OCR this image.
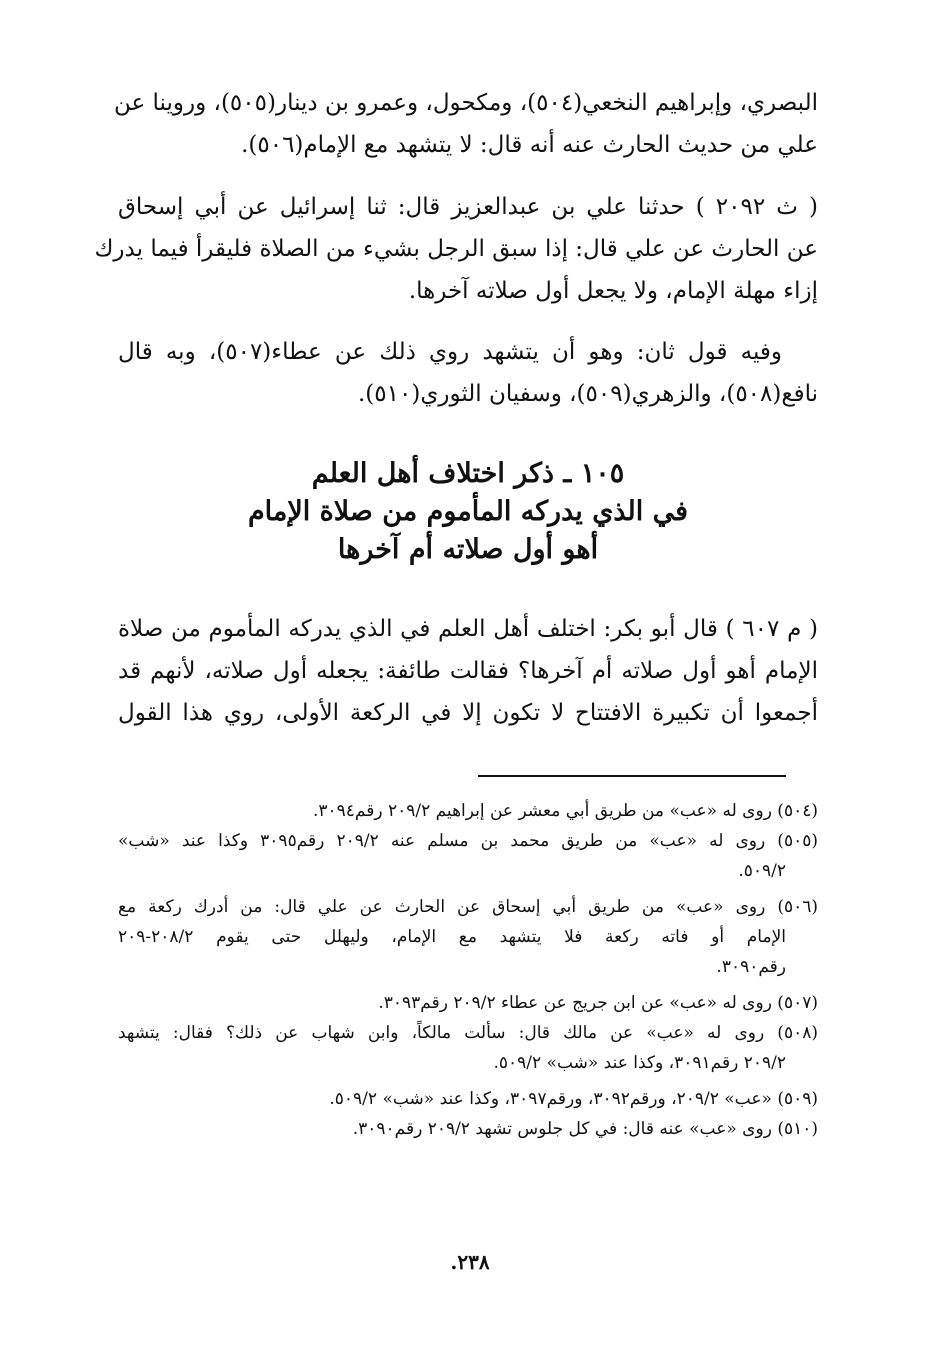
البصري، وإبراهيم النخعي(٥٠٤)، ومكحول، وعمرو بن دينار(٥٠٥)، وروينا عن
علي من حديث الحارث عنه أنه قال: لا يتشهد مع الإمام(٥٠٦).
( ث ٢٠٩٢ ) حدثنا علي بن عبدالعزيز قال: ثنا إسرائيل عن أبي إسحاق
عن الحارث عن علي قال: إذا سبق الرجل بشيء من الصلاة فليقرأ فيما يدرك
إزاء مهلة الإمام، ولا يجعل أول صلاته آخرها.
وفيه قول ثان: وهو أن يتشهد روي ذلك عن عطاء(٥٠٧)، وبه قال
نافع(٥٠٨)، والزهري(٥٠٩)، وسفيان الثوري(٥١٠).
١٠٥ ـ ذكر اختلاف أهل العلم
في الذي يدركه المأموم من صلاة الإمام
أهو أول صلاته أم آخرها
( م ٦٠٧ ) قال أبو بكر: اختلف أهل العلم في الذي يدركه المأموم من صلاة
الإمام أهو أول صلاته أم آخرها؟ فقالت طائفة: يجعله أول صلاته، لأنهم قد
أجمعوا أن تكبيرة الافتتاح لا تكون إلا في الركعة الأولى، روي هذا القول
(٥٠٤) روى له «عب» من طريق أبي معشر عن إبراهيم ٢٠٩/٢ رقم٣٠٩٤.
(٥٠٥) روى له «عب» من طريق محمد بن مسلم عنه ٢٠٩/٢ رقم٣٠٩٥ وكذا عند «شب»
٥٠٩/٢.
(٥٠٦) روى «عب» من طريق أبي إسحاق عن الحارث عن علي قال: من أدرك ركعة مع
الإمام أو فاته ركعة فلا يتشهد مع الإمام، وليهلل حتى يقوم ٢٠٨/٢-٢٠٩
رقم٣٠٩٠.
(٥٠٧) روى له «عب» عن ابن جريج عن عطاء ٢٠٩/٢ رقم٣٠٩٣.
(٥٠٨) روى له «عب» عن مالك قال: سألت مالكاً، وابن شهاب عن ذلك؟ فقال: يتشهد
٢٠٩/٢ رقم٣٠٩١، وكذا عند «شب» ٥٠٩/٢.
(٥٠٩) «عب» ٢٠٩/٢، ورقم٣٠٩٢، ورقم٣٠٩٧، وكذا عند «شب» ٥٠٩/٢.
(٥١٠) روى «عب» عنه قال: في كل جلوس تشهد ٢٠٩/٢ رقم٣٠٩٠.
٢٣٨.
